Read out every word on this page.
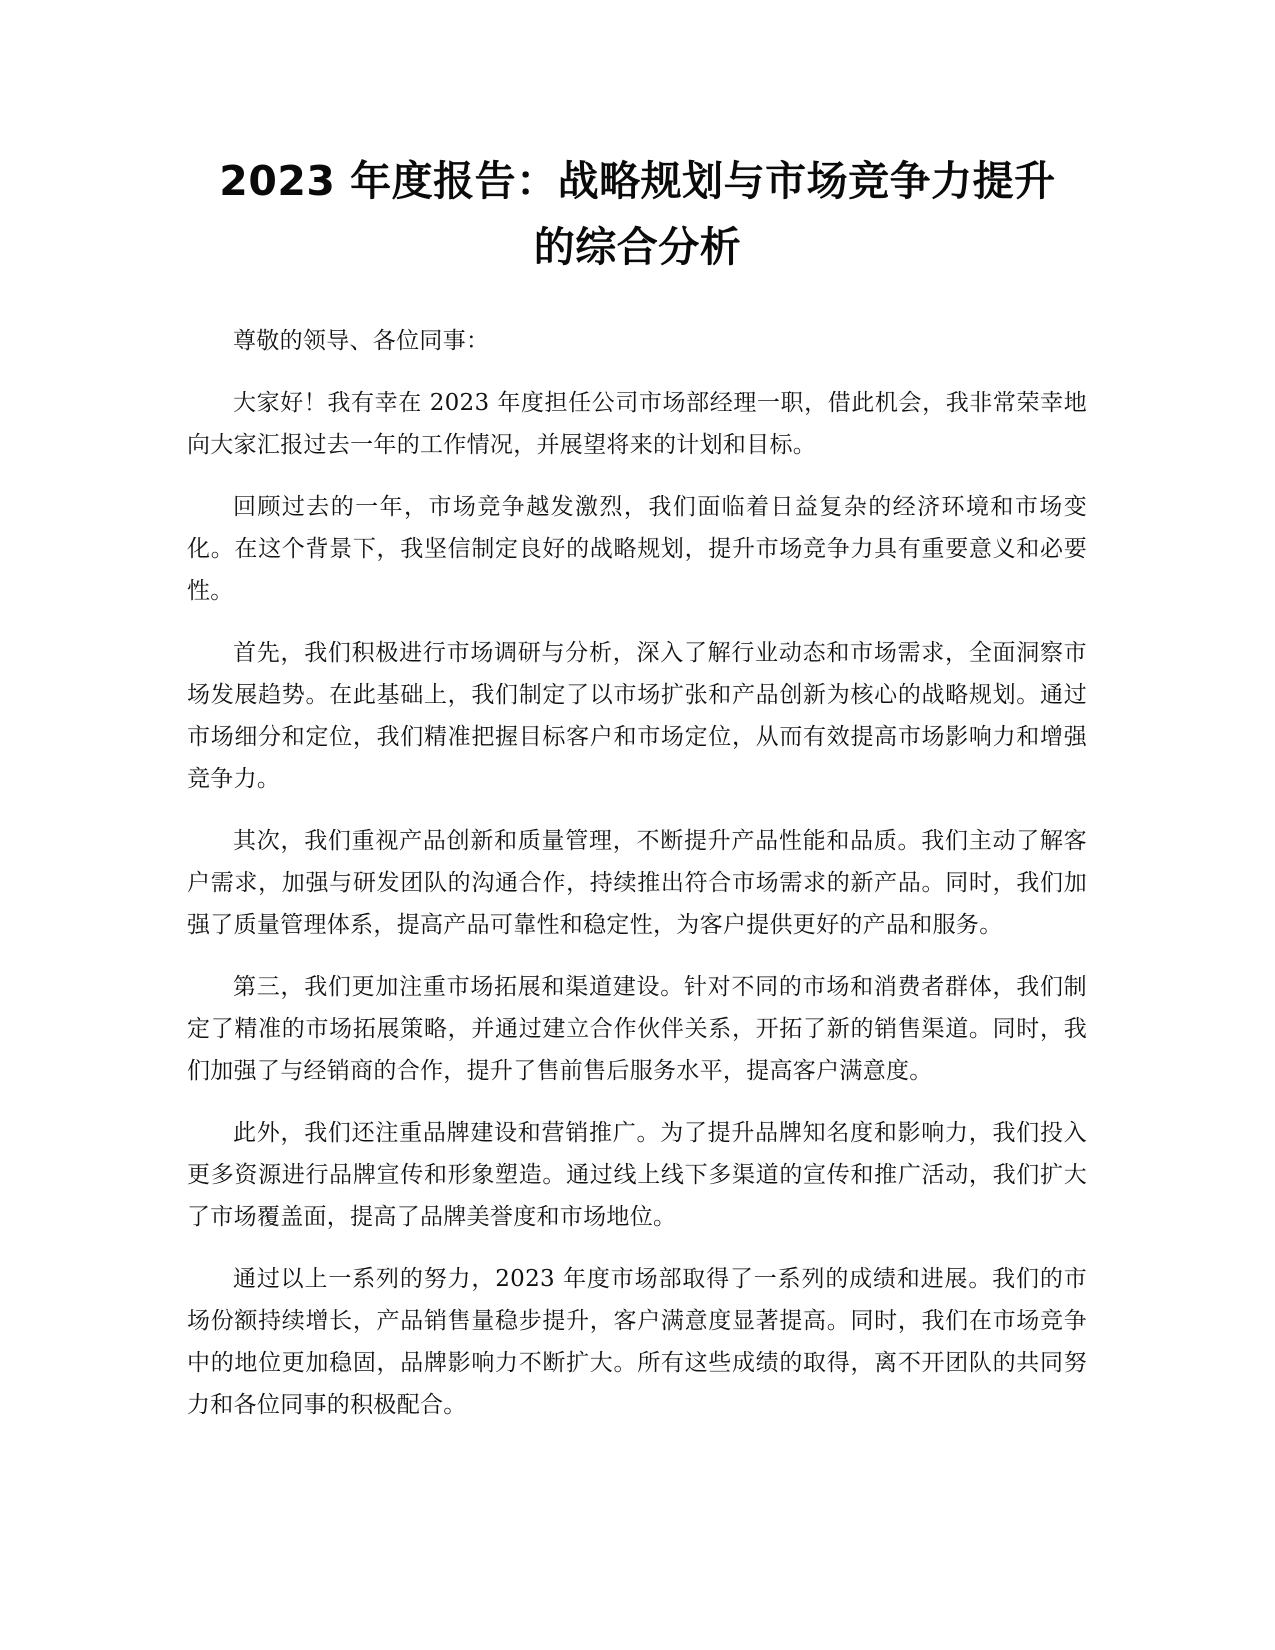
2023 年度报告：战略规划与市场竞争力提升
的综合分析

尊敬的领导、各位同事：

大家好！我有幸在 2023 年度担任公司市场部经理一职，借此机会，我非常荣幸地向大家汇报过去一年的工作情况，并展望将来的计划和目标。

回顾过去的一年，市场竞争越发激烈，我们面临着日益复杂的经济环境和市场变化。在这个背景下，我坚信制定良好的战略规划，提升市场竞争力具有重要意义和必要性。

首先，我们积极进行市场调研与分析，深入了解行业动态和市场需求，全面洞察市场发展趋势。在此基础上，我们制定了以市场扩张和产品创新为核心的战略规划。通过市场细分和定位，我们精准把握目标客户和市场定位，从而有效提高市场影响力和增强竞争力。

其次，我们重视产品创新和质量管理，不断提升产品性能和品质。我们主动了解客户需求，加强与研发团队的沟通合作，持续推出符合市场需求的新产品。同时，我们加强了质量管理体系，提高产品可靠性和稳定性，为客户提供更好的产品和服务。

第三，我们更加注重市场拓展和渠道建设。针对不同的市场和消费者群体，我们制定了精准的市场拓展策略，并通过建立合作伙伴关系，开拓了新的销售渠道。同时，我们加强了与经销商的合作，提升了售前售后服务水平，提高客户满意度。

此外，我们还注重品牌建设和营销推广。为了提升品牌知名度和影响力，我们投入更多资源进行品牌宣传和形象塑造。通过线上线下多渠道的宣传和推广活动，我们扩大了市场覆盖面，提高了品牌美誉度和市场地位。

通过以上一系列的努力，2023 年度市场部取得了一系列的成绩和进展。我们的市场份额持续增长，产品销售量稳步提升，客户满意度显著提高。同时，我们在市场竞争中的地位更加稳固，品牌影响力不断扩大。所有这些成绩的取得，离不开团队的共同努力和各位同事的积极配合。
